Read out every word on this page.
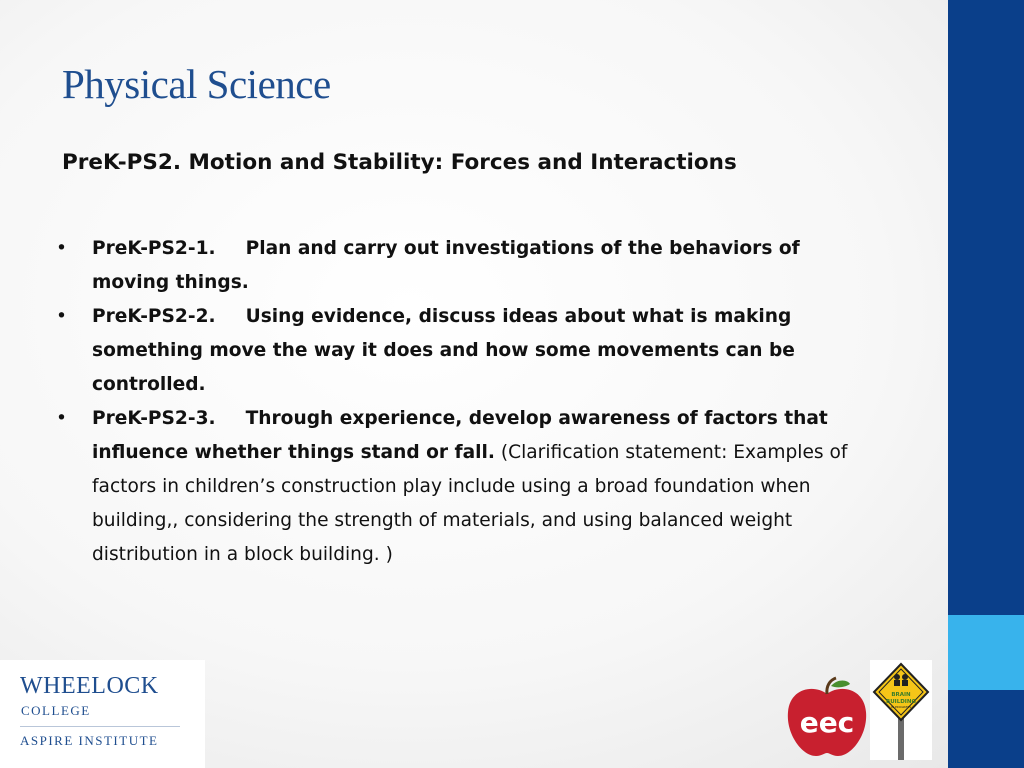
Physical Science
PreK-PS2. Motion and Stability: Forces and Interactions
•	PreK-PS2-1. Plan and carry out investigations of the behaviors of moving things.
•	PreK-PS2-2. Using evidence, discuss ideas about what is making something move the way it does and how some movements can be controlled.
•	PreK-PS2-3. Through experience, develop awareness of factors that influence whether things stand or fall. (Clarification statement: Examples of factors in children’s construction play include using a broad foundation when building,, considering the strength of materials, and using balanced weight distribution in a block building. )
WHEELOCK
COLLEGE
ASPIRE INSTITUTE
eec
BRAIN
BUILDING
IN PROGRESS
